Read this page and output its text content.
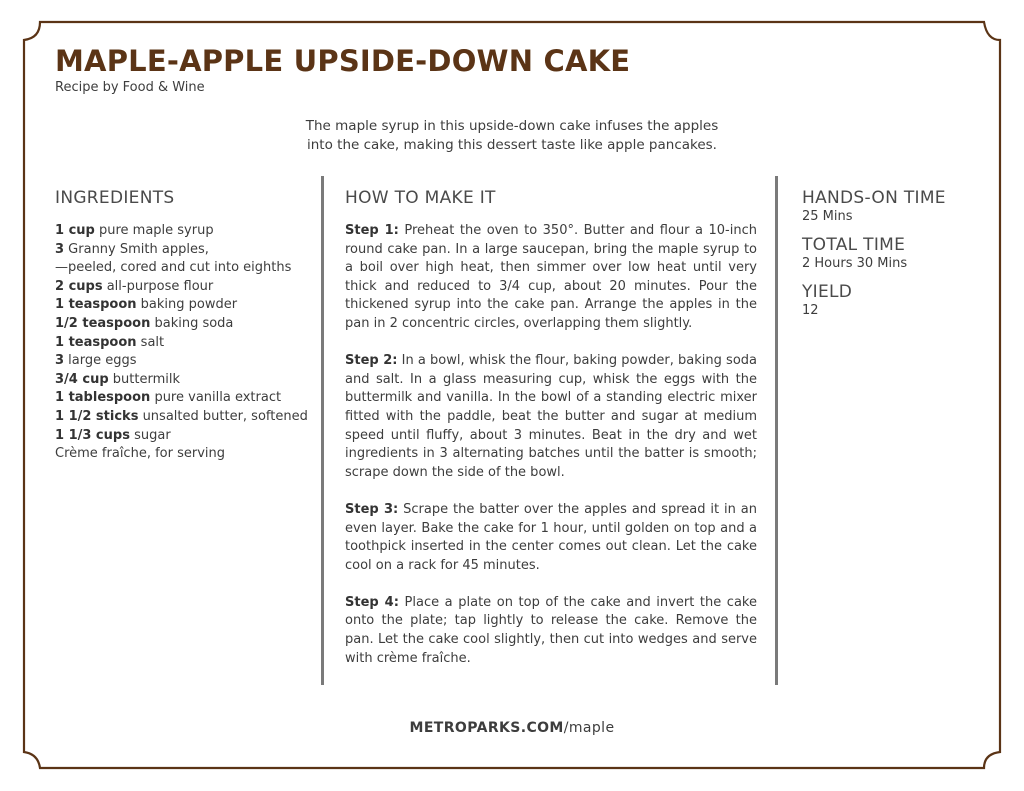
MAPLE-APPLE UPSIDE-DOWN CAKE
Recipe by Food & Wine
The maple syrup in this upside-down cake infuses the apples
into the cake, making this dessert taste like apple pancakes.
INGREDIENTS
1 cup pure maple syrup
3 Granny Smith apples,
—peeled, cored and cut into eighths
2 cups all-purpose flour
1 teaspoon baking powder
1/2 teaspoon baking soda
1 teaspoon salt
3 large eggs
3/4 cup buttermilk
1 tablespoon pure vanilla extract
1 1/2 sticks unsalted butter, softened
1 1/3 cups sugar
Crème fraîche, for serving
HOW TO MAKE IT

Step 1: Preheat the oven to 350°. Butter and flour a 10-inch round cake pan. In a large saucepan, bring the maple syrup to a boil over high heat, then simmer over low heat until very thick and reduced to 3/4 cup, about 20 minutes. Pour the thickened syrup into the cake pan. Arrange the apples in the pan in 2 concentric circles, overlapping them slightly.

Step 2: In a bowl, whisk the flour, baking powder, baking soda and salt. In a glass measuring cup, whisk the eggs with the buttermilk and vanilla. In the bowl of a standing electric mixer fitted with the paddle, beat the butter and sugar at medium speed until fluffy, about 3 minutes. Beat in the dry and wet ingredients in 3 alternating batches until the batter is smooth; scrape down the side of the bowl.

Step 3: Scrape the batter over the apples and spread it in an even layer. Bake the cake for 1 hour, until golden on top and a toothpick inserted in the center comes out clean. Let the cake cool on a rack for 45 minutes.

Step 4: Place a plate on top of the cake and invert the cake onto the plate; tap lightly to release the cake. Remove the pan. Let the cake cool slightly, then cut into wedges and serve with crème fraîche.

HANDS-ON TIME
25 Mins
TOTAL TIME
2 Hours 30 Mins
YIELD
12
METROPARKS.COM/maple
